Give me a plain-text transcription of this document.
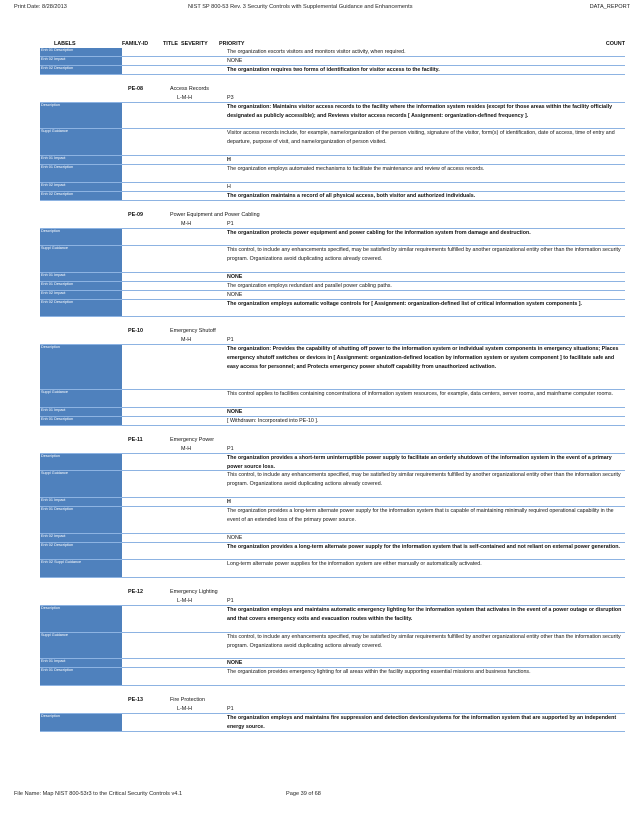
Print Date: 8/28/2013	NIST SP 800-53 Rev. 3 Security Controls with Supplemental Guidance and Enhancements	DATA_REPORT
LABELS	FAMILY-ID	TITLE SEVERITY PRIORITY	COUNT
Enh 01 Description	The organization escorts visitors and monitors visitor activity, when required.
Enh 02 Impact	NONE
Enh 02 Description	The organization requires two forms of identification for visitor access to the facility.
PE-08	Access Records
L-M-H	P3
Description	The organization: Maintains visitor access records to the facility where the information system resides (except for those areas within the facility officially designated as publicly accessible); and Reviews visitor access records [ Assignment: organization-defined frequency ].
Suppl Guidance	Visitor access records include, for example, name/organization of the person visiting, signature of the visitor, form(s) of identification, date of access, time of entry and departure, purpose of visit, and name/organization of person visited.
Enh 01 Impact	H
Enh 01 Description	The organization employs automated mechanisms to facilitate the maintenance and review of access records.
Enh 02 Impact	H
Enh 02 Description	The organization maintains a record of all physical access, both visitor and authorized individuals.
PE-09	Power Equipment and Power Cabling
M-H	P1
Description	The organization protects power equipment and power cabling for the information system from damage and destruction.
Suppl Guidance	This control, to include any enhancements specified, may be satisfied by similar requirements fulfilled by another organizational entity other than the information security program. Organizations avoid duplicating actions already covered.
Enh 01 Impact	NONE
Enh 01 Description	The organization employs redundant and parallel power cabling paths.
Enh 02 Impact	NONE
Enh 02 Description	The organization employs automatic voltage controls for [ Assignment: organization-defined list of critical information system components ].
PE-10	Emergency Shutoff
M-H	P1
Description	The organization: Provides the capability of shutting off power to the information system or individual system components in emergency situations; Places emergency shutoff switches or devices in [ Assignment: organization-defined location by information system or system component ] to facilitate safe and easy access for personnel; and Protects emergency power shutoff capability from unauthorized activation.
Suppl Guidance	This control applies to facilities containing concentrations of information system resources, for example, data centers, server rooms, and mainframe computer rooms.
Enh 01 Impact	NONE
Enh 01 Description	[ Withdrawn: Incorporated into PE-10 ].
PE-11	Emergency Power
M-H	P1
Description	The organization provides a short-term uninterruptible power supply to facilitate an orderly shutdown of the information system in the event of a primary power source loss.
Suppl Guidance	This control, to include any enhancements specified, may be satisfied by similar requirements fulfilled by another organizational entity other than the information security program. Organizations avoid duplicating actions already covered.
Enh 01 Impact	H
Enh 01 Description	The organization provides a long-term alternate power supply for the information system that is capable of maintaining minimally required operational capability in the event of an extended loss of the primary power source.
Enh 02 Impact	NONE
Enh 02 Description	The organization provides a long-term alternate power supply for the information system that is self-contained and not reliant on external power generation.
Enh 02 Suppl Guidance	Long-term alternate power supplies for the information system are either manually or automatically activated.
PE-12	Emergency Lighting
L-M-H	P1
Description	The organization employs and maintains automatic emergency lighting for the information system that activates in the event of a power outage or disruption and that covers emergency exits and evacuation routes within the facility.
Suppl Guidance	This control, to include any enhancements specified, may be satisfied by similar requirements fulfilled by another organizational entity other than the information security program. Organizations avoid duplicating actions already covered.
Enh 01 Impact	NONE
Enh 01 Description	The organization provides emergency lighting for all areas within the facility supporting essential missions and business functions.
PE-13	Fire Protection
L-M-H	P1
Description	The organization employs and maintains fire suppression and detection devices/systems for the information system that are supported by an independent energy source.
File Name: Map NIST 800-53r3 to the Critical Security Controls v4.1	Page 39 of 68
